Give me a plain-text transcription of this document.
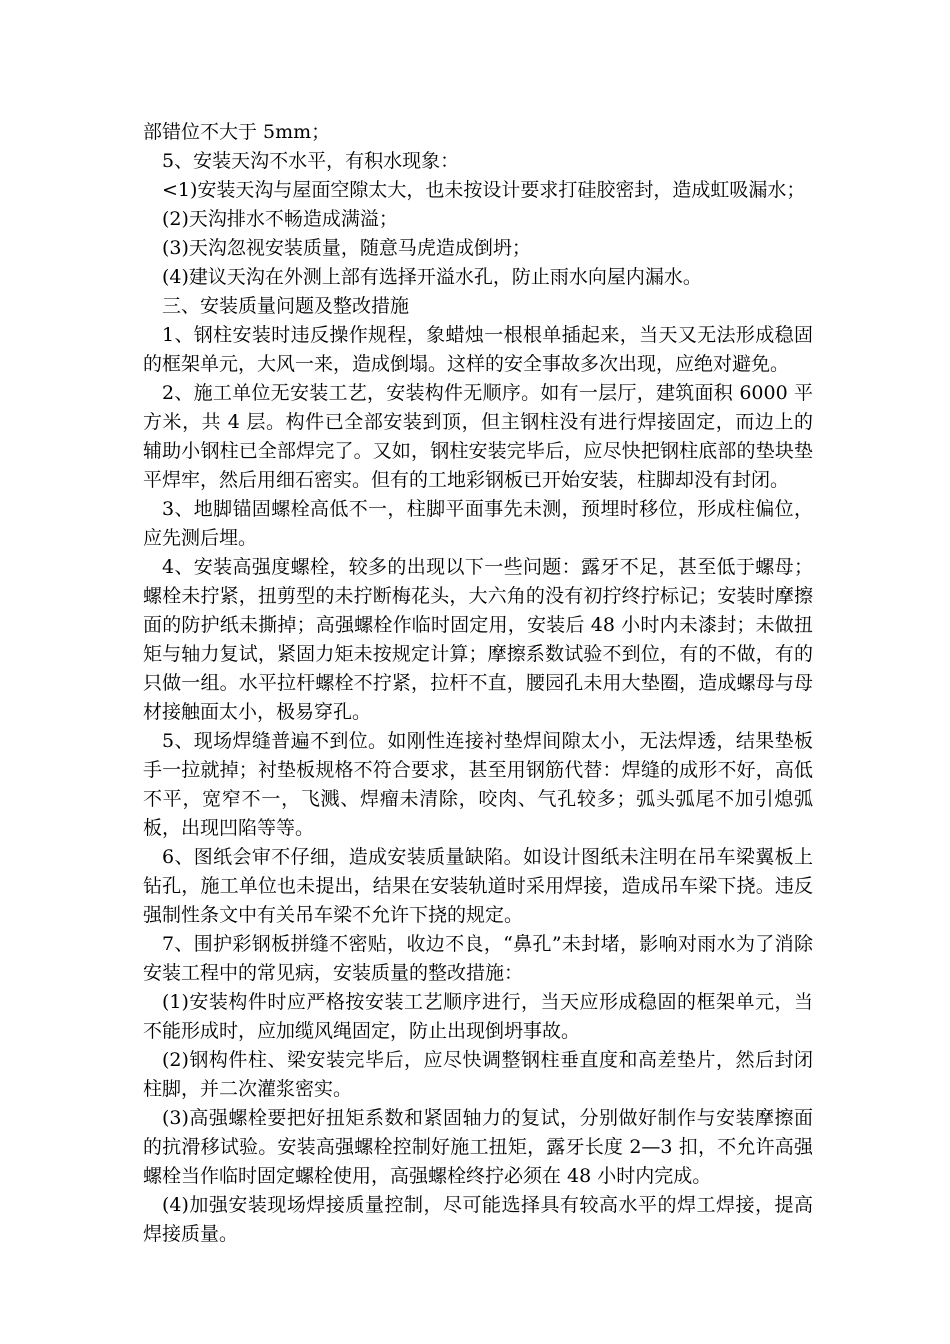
部错位不大于 5mm；

5、安装天沟不水平，有积水现象：

<1)安装天沟与屋面空隙太大，也未按设计要求打硅胶密封，造成虹吸漏水；

(2)天沟排水不畅造成满溢；

(3)天沟忽视安装质量，随意马虎造成倒坍；

(4)建议天沟在外测上部有选择开溢水孔，防止雨水向屋内漏水。

三、安装质量问题及整改措施

1、钢柱安装时违反操作规程，象蜡烛一根根单插起来，当天又无法形成稳固的框架单元，大风一来，造成倒塌。这样的安全事故多次出现，应绝对避免。

2、施工单位无安装工艺，安装构件无顺序。如有一层厅，建筑面积 6000 平方米，共 4 层。构件已全部安装到顶，但主钢柱没有进行焊接固定，而边上的辅助小钢柱已全部焊完了。又如，钢柱安装完毕后，应尽快把钢柱底部的垫块垫平焊牢，然后用细石密实。但有的工地彩钢板已开始安装，柱脚却没有封闭。

3、地脚锚固螺栓高低不一，柱脚平面事先未测，预埋时移位，形成柱偏位，应先测后埋。

4、安装高强度螺栓，较多的出现以下一些问题：露牙不足，甚至低于螺母；螺栓未拧紧，扭剪型的未拧断梅花头，大六角的没有初拧终拧标记；安装时摩擦面的防护纸未撕掉；高强螺栓作临时固定用，安装后 48 小时内未漆封；未做扭矩与轴力复试，紧固力矩未按规定计算；摩擦系数试验不到位，有的不做，有的只做一组。水平拉杆螺栓不拧紧，拉杆不直，腰园孔未用大垫圈，造成螺母与母材接触面太小，极易穿孔。

5、现场焊缝普遍不到位。如刚性连接衬垫焊间隙太小，无法焊透，结果垫板手一拉就掉；衬垫板规格不符合要求，甚至用钢筋代替：焊缝的成形不好，高低不平，宽窄不一，飞溅、焊瘤未清除，咬肉、气孔较多；弧头弧尾不加引熄弧板，出现凹陷等等。

6、图纸会审不仔细，造成安装质量缺陷。如设计图纸未注明在吊车梁翼板上钻孔，施工单位也未提出，结果在安装轨道时采用焊接，造成吊车梁下挠。违反强制性条文中有关吊车梁不允许下挠的规定。

7、围护彩钢板拼缝不密贴，收边不良，“鼻孔”未封堵，影响对雨水为了消除安装工程中的常见病，安装质量的整改措施：

(1)安装构件时应严格按安装工艺顺序进行，当天应形成稳固的框架单元，当不能形成时，应加缆风绳固定，防止出现倒坍事故。

(2)钢构件柱、梁安装完毕后，应尽快调整钢柱垂直度和高差垫片，然后封闭柱脚，并二次灌浆密实。

(3)高强螺栓要把好扭矩系数和紧固轴力的复试，分别做好制作与安装摩擦面的抗滑移试验。安装高强螺栓控制好施工扭矩，露牙长度 2—3 扣，不允许高强螺栓当作临时固定螺栓使用，高强螺栓终拧必须在 48 小时内完成。

(4)加强安装现场焊接质量控制，尽可能选择具有较高水平的焊工焊接，提高焊接质量。
